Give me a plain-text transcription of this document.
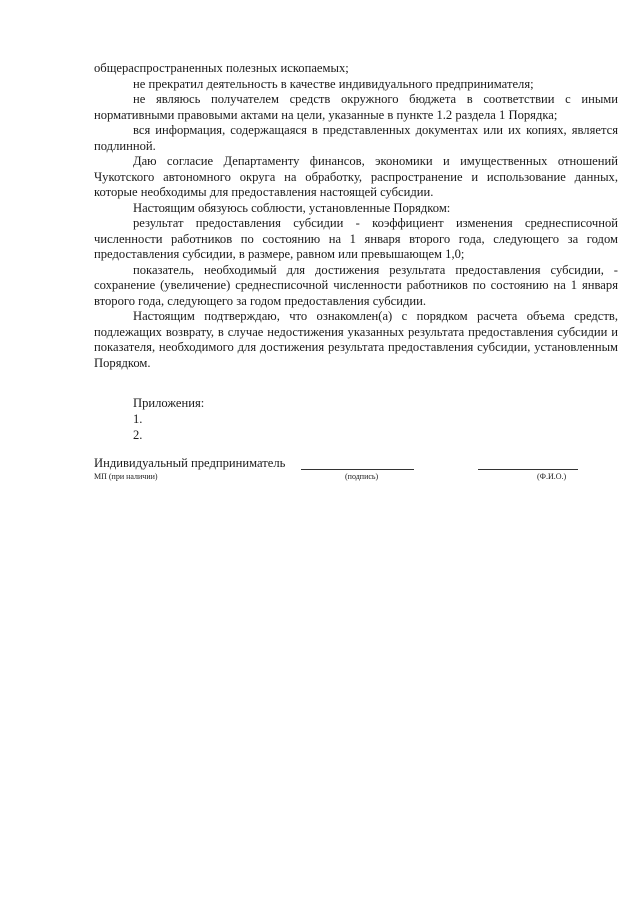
общераспространенных полезных ископаемых;

не прекратил деятельность в качестве индивидуального предпринимателя;

не являюсь получателем средств окружного бюджета в соответствии с иными нормативными правовыми актами на цели, указанные в пункте 1.2 раздела 1 Порядка;

вся информация, содержащаяся в представленных документах или их копиях, является подлинной.

Даю согласие Департаменту финансов, экономики и имущественных отношений Чукотского автономного округа на обработку, распространение и использование данных, которые необходимы для предоставления настоящей субсидии.

Настоящим обязуюсь соблюсти, установленные Порядком:

результат предоставления субсидии - коэффициент изменения среднесписочной численности работников по состоянию на 1 января второго года, следующего за годом предоставления субсидии, в размере, равном или превышающем 1,0;

показатель, необходимый для достижения результата предоставления субсидии, - сохранение (увеличение) среднесписочной численности работников по состоянию на 1 января второго года, следующего за годом предоставления субсидии.

Настоящим подтверждаю, что ознакомлен(а) с порядком расчета объема средств, подлежащих возврату, в случае недостижения указанных результата предоставления субсидии и показателя, необходимого для достижения результата предоставления субсидии, установленным Порядком.

Приложения:
1.
2.
Индивидуальный предприниматель
МП (при наличии)	(подпись)	(Ф.И.О.)
